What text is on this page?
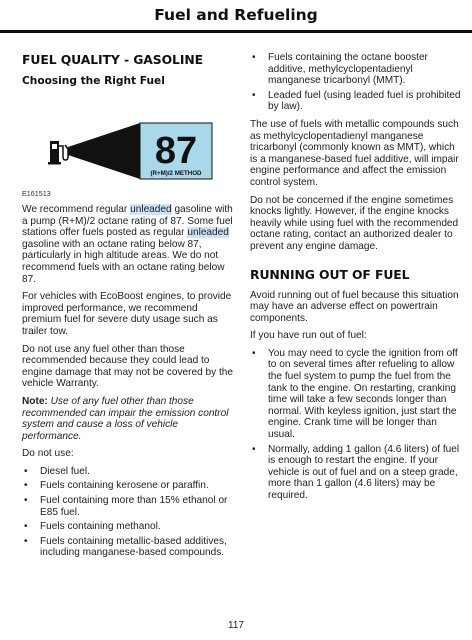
Fuel and Refueling
FUEL QUALITY - GASOLINE
Choosing the Right Fuel
87
(R+M)/2 METHOD
E161513

We recommend regular unleaded gasoline with a pump (R+M)/2 octane rating of 87. Some fuel stations offer fuels posted as regular unleaded gasoline with an octane rating below 87, particularly in high altitude areas. We do not recommend fuels with an octane rating below 87.

For vehicles with EcoBoost engines, to provide improved performance, we recommend premium fuel for severe duty usage such as trailer tow.

Do not use any fuel other than those recommended because they could lead to engine damage that may not be covered by the vehicle Warranty.

Note: Use of any fuel other than those recommended can impair the emission control system and cause a loss of vehicle performance.

Do not use:

• Diesel fuel.
• Fuels containing kerosene or paraffin.
• Fuel containing more than 15% ethanol or E85 fuel.
• Fuels containing methanol.
• Fuels containing metallic-based additives, including manganese-based compounds.
• Fuels containing the octane booster additive, methylcyclopentadienyl manganese tricarbonyl (MMT).
• Leaded fuel (using leaded fuel is prohibited by law).

The use of fuels with metallic compounds such as methylcyclopentadienyl manganese tricarbonyl (commonly known as MMT), which is a manganese-based fuel additive, will impair engine performance and affect the emission control system.

Do not be concerned if the engine sometimes knocks lightly. However, if the engine knocks heavily while using fuel with the recommended octane rating, contact an authorized dealer to prevent any engine damage.

RUNNING OUT OF FUEL

Avoid running out of fuel because this situation may have an adverse effect on powertrain components.

If you have run out of fuel:

• You may need to cycle the ignition from off to on several times after refueling to allow the fuel system to pump the fuel from the tank to the engine. On restarting, cranking time will take a few seconds longer than normal. With keyless ignition, just start the engine. Crank time will be longer than usual.
• Normally, adding 1 gallon (4.6 liters) of fuel is enough to restart the engine. If your vehicle is out of fuel and on a steep grade, more than 1 gallon (4.6 liters) may be required.
117
